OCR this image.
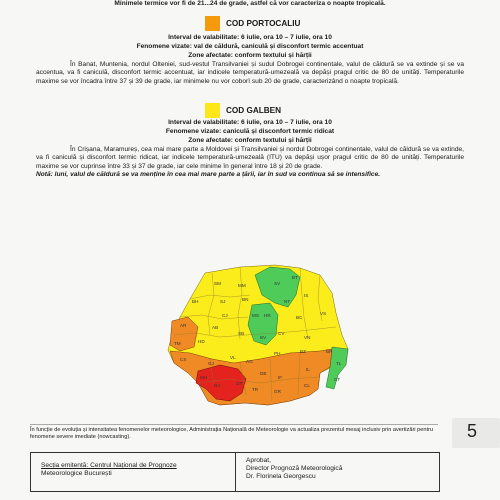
Minimele termice vor fi de 21...24 de grade, astfel că vor caracteriza o noapte tropicală.
COD PORTOCALIU
Interval de valabilitate: 6 iulie, ora 10 – 7 iulie, ora 10
Fenomene vizate: val de căldură, caniculă și disconfort termic accentuat
Zone afectate: conform textului și hărții
În Banat, Muntenia, nordul Olteniei, sud-vestul Transilvaniei și sudul Dobrogei continentale, valul de căldură se va extinde și se va accentua, va fi caniculă, disconfort termic accentuat, iar indicele temperatură-umezeală va depăși pragul critic de 80 de unități. Temperaturile maxime se vor încadra între 37 și 39 de grade, iar minimele nu vor coborî sub 20 de grade, caracterizând o noapte tropicală.
COD GALBEN
Interval de valabilitate: 6 iulie, ora 10 – 7 iulie, ora 10
Fenomene vizate: caniculă și disconfort termic ridicat
Zone afectate: conform textului și hărții
În Crișana, Maramureș, cea mai mare parte a Moldovei și Transilvaniei și nordul Dobrogei continentale, valul de căldură se va extinde, va fi caniculă și disconfort termic ridicat, iar indicele temperatură-umezeală (ITU) va depăși ușor pragul critic de 80 de unități. Temperaturile maxime se vor cuprinse între 33 și 37 de grade, iar cele minime în general între 18 și 20 de grade.
Notă: luni, valul de căldură se va menține în cea mai mare parte a țării, iar în sud va continua să se intensifice.
SM	MM	SV
BT
BH	SJ	BN
IS
CJ	MS
NT
VS
AR	AB
HR	BC
TM	HD
SB	CV
VN
CS	VL
BV
BR
MH
GJ	AG
PH	BZ
TL
DJ	OT
DB
IF	CT
IL
TR	GR
CL
În funcție de evoluția și intensitatea fenomenelor meteorologice, Administrația Națională de Meteorologie va actualiza prezentul mesaj inclusiv prin avertizări pentru fenomene severe imediate (nowcasting).	5
Secția emitentă: Centrul Național de Prognoze
Meteorologice București
Aprobat,
Director Prognoză Meteorologică
Dr. Florinela Georgescu
